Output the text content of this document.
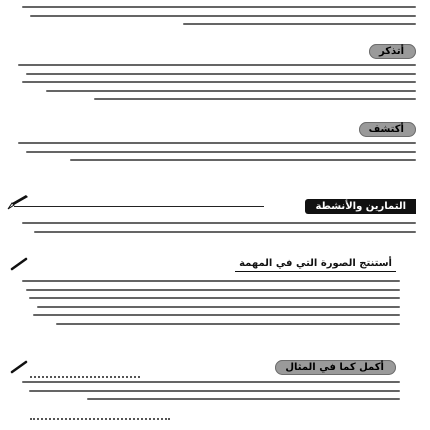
أتذكر
أكتشف
التمارين والأنشطة
أستنتج الصورة التي في المهمة
أكمل كما في المثال
